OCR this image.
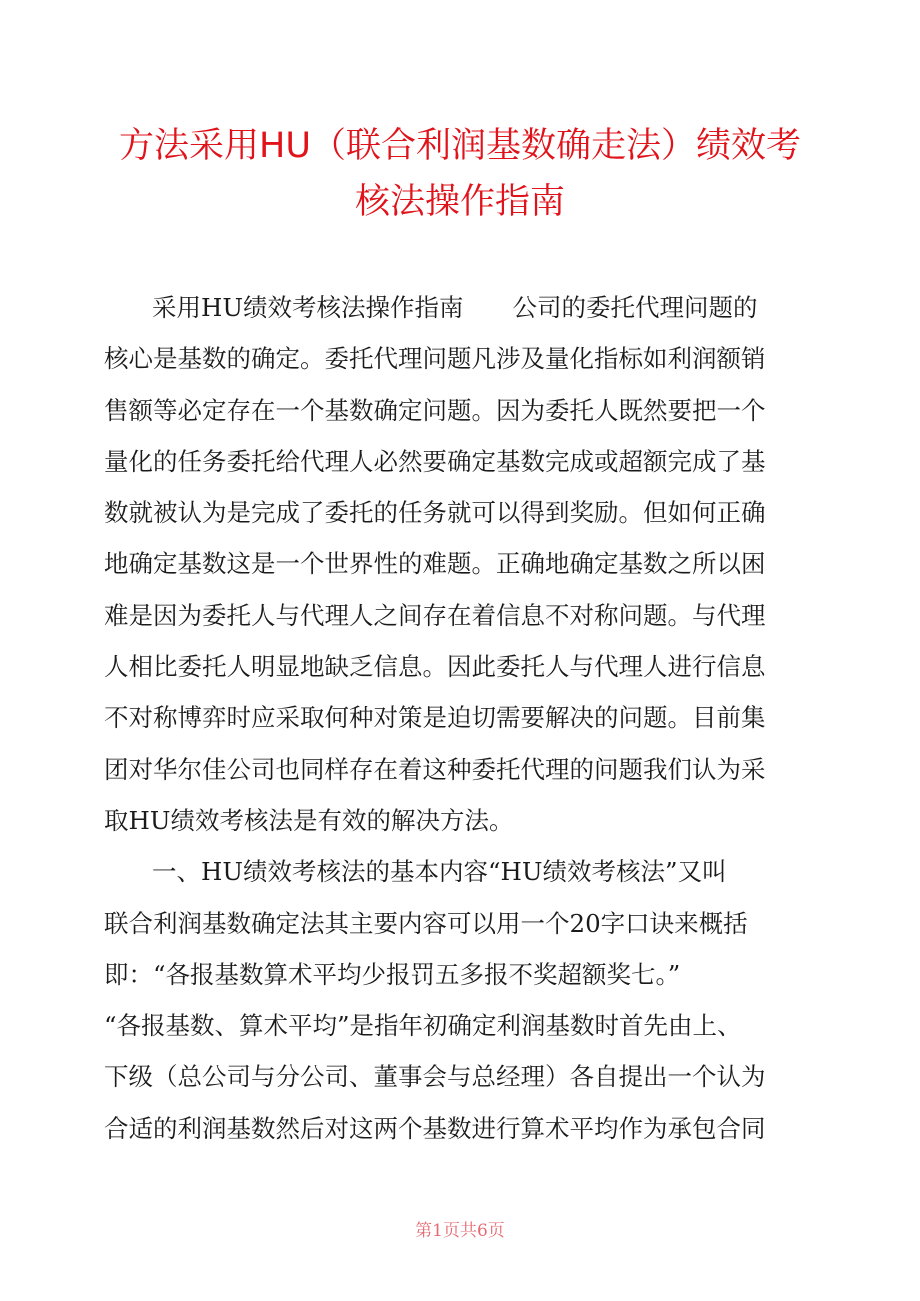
方法采用HU（联合利润基数确走法）绩效考
核法操作指南
采用HU绩效考核法操作指南　　公司的委托代理问题的
核心是基数的确定。委托代理问题凡涉及量化指标如利润额销
售额等必定存在一个基数确定问题。因为委托人既然要把一个
量化的任务委托给代理人必然要确定基数完成或超额完成了基
数就被认为是完成了委托的任务就可以得到奖励。但如何正确
地确定基数这是一个世界性的难题。正确地确定基数之所以困
难是因为委托人与代理人之间存在着信息不对称问题。与代理
人相比委托人明显地缺乏信息。因此委托人与代理人进行信息
不对称博弈时应采取何种对策是迫切需要解决的问题。目前集
团对华尔佳公司也同样存在着这种委托代理的问题我们认为采
取HU绩效考核法是有效的解决方法。
一、HU绩效考核法的基本内容“HU绩效考核法”又叫
联合利润基数确定法其主要内容可以用一个20字口诀来概括
即：“各报基数算术平均少报罚五多报不奖超额奖七。”
“各报基数、算术平均”是指年初确定利润基数时首先由上、
下级（总公司与分公司、董事会与总经理）各自提出一个认为
合适的利润基数然后对这两个基数进行算术平均作为承包合同
第1页共6页
